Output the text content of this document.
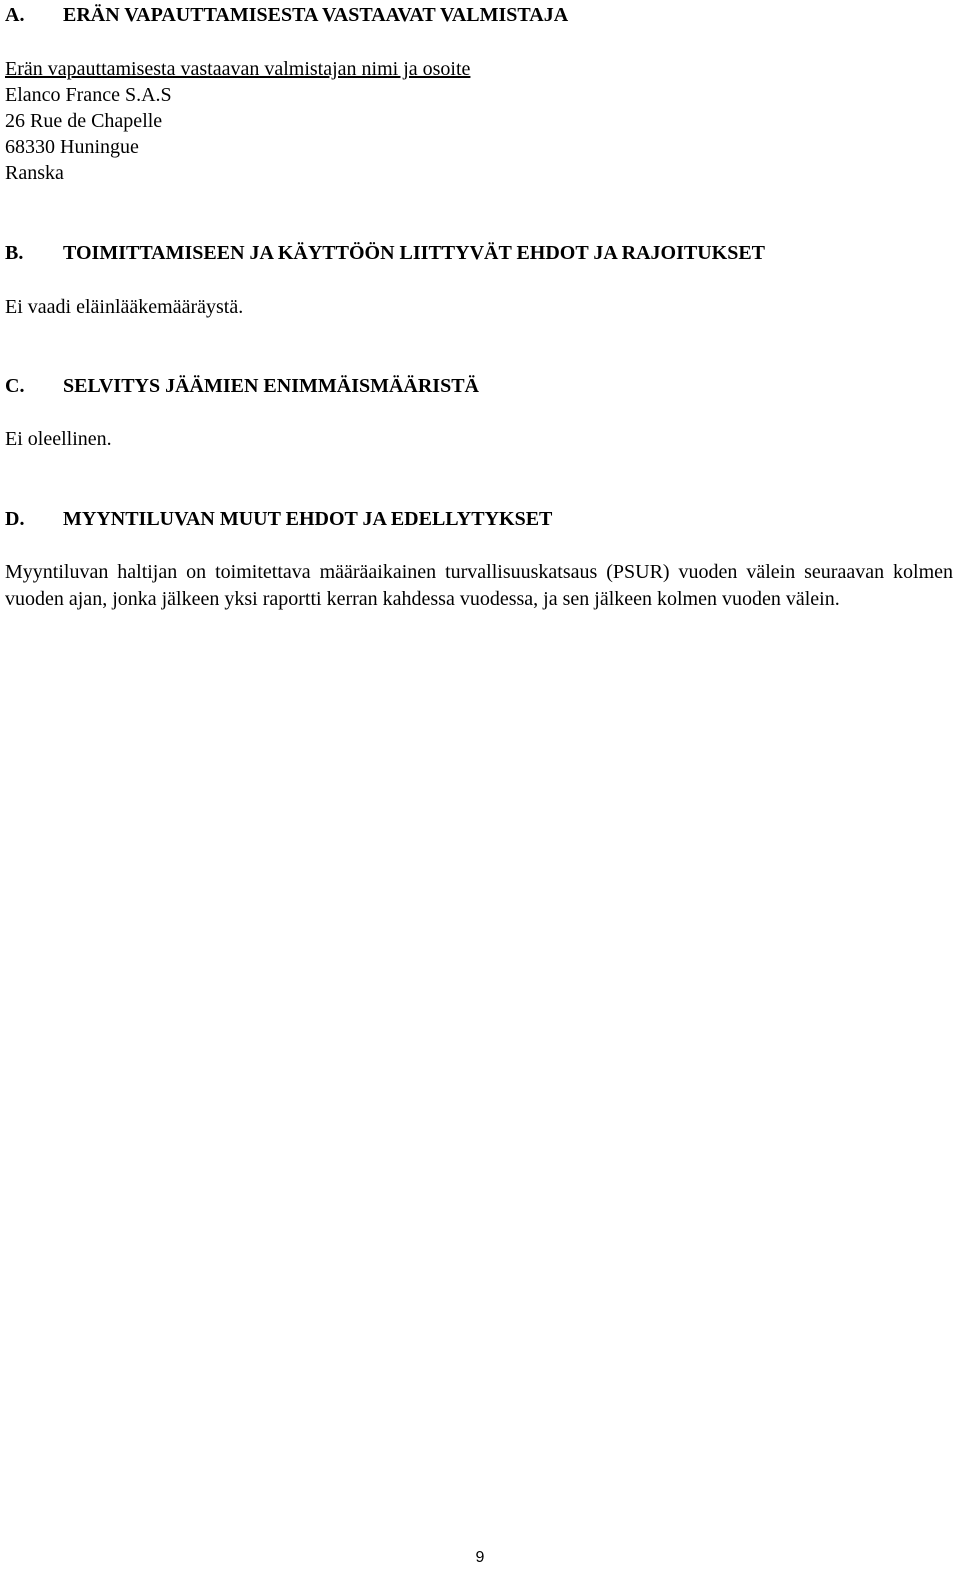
A. ERÄN VAPAUTTAMISESTA VASTAAVAT VALMISTAJA
Erän vapauttamisesta vastaavan valmistajan nimi ja osoite
Elanco France S.A.S
26 Rue de Chapelle
68330 Huningue
Ranska
B. TOIMITTAMISEEN JA KÄYTTÖÖN LIITTYVÄT EHDOT JA RAJOITUKSET
Ei vaadi eläinlääkemääräystä.
C. SELVITYS JÄÄMIEN ENIMMÄISMÄÄRISTÄ
Ei oleellinen.
D. MYYNTILUVAN MUUT EHDOT JA EDELLYTYKSET
Myyntiluvan haltijan on toimitettava määräaikainen turvallisuuskatsaus (PSUR) vuoden välein seuraavan kolmen vuoden ajan, jonka jälkeen yksi raportti kerran kahdessa vuodessa, ja sen jälkeen kolmen vuoden välein.
9
